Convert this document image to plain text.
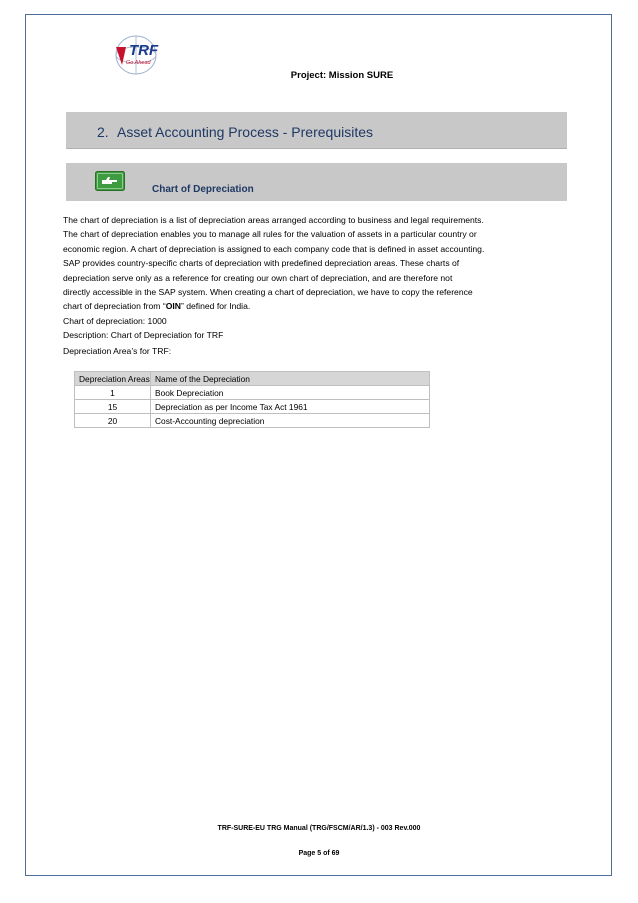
TRF
Go Ahead
Project: Mission SURE
2. Asset Accounting Process - Prerequisites
Chart of Depreciation

The chart of depreciation is a list of depreciation areas arranged according to business and legal requirements.
The chart of depreciation enables you to manage all rules for the valuation of assets in a particular country or
economic region. A chart of depreciation is assigned to each company code that is defined in asset accounting.
SAP provides country-specific charts of depreciation with predefined depreciation areas. These charts of
depreciation serve only as a reference for creating our own chart of depreciation, and are therefore not
directly accessible in the SAP system. When creating a chart of depreciation, we have to copy the reference
chart of depreciation from “OIN” defined for India.
Chart of depreciation: 1000
Description: Chart of Depreciation for TRF

Depreciation Area’s for TRF:
Depreciation Areas	Name of the Depreciation
1	Book Depreciation
15	Depreciation as per Income Tax Act 1961
20	Cost-Accounting depreciation
TRF-SURE-EU TRG Manual (TRG/FSCM/AR/1.3) - 003 Rev.000
Page 5 of 69
